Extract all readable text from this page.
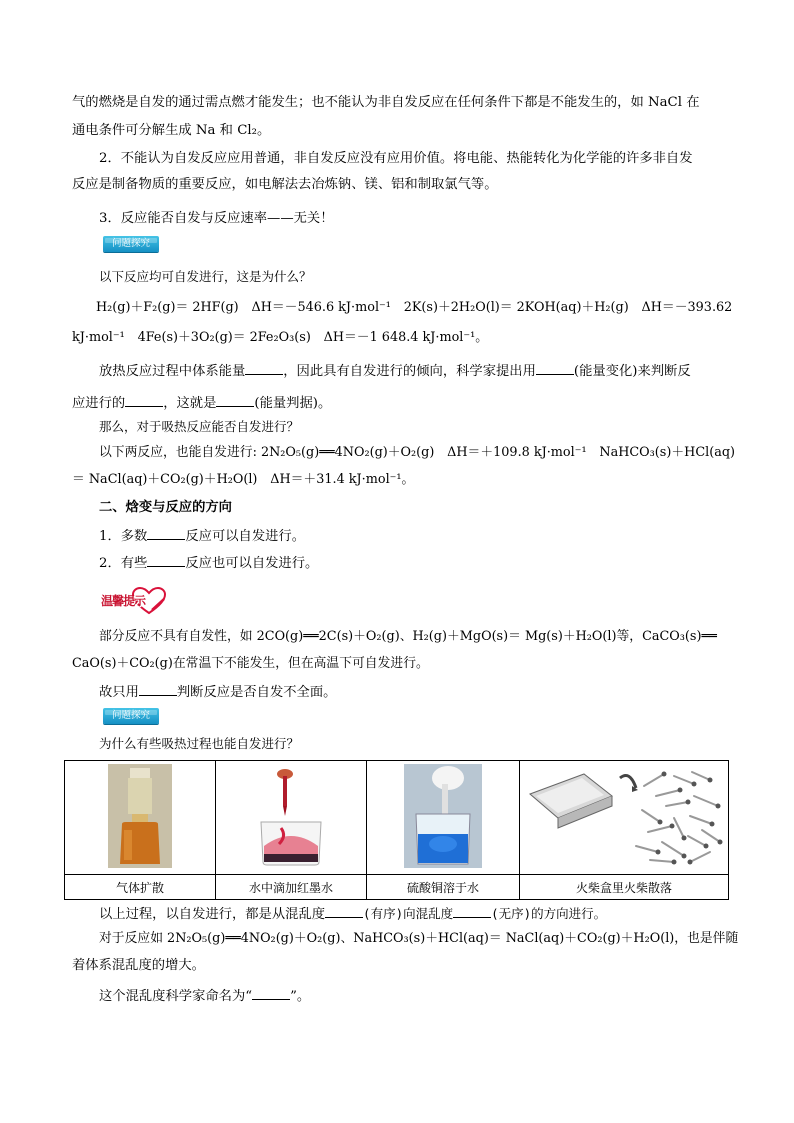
气的燃烧是自发的通过需点燃才能发生；也不能认为非自发反应在任何条件下都是不能发生的，如 NaCl 在
通电条件可分解生成 Na 和 Cl₂。
2．不能认为自发反应应用普通，非自发反应没有应用价值。将电能、热能转化为化学能的许多非自发
反应是制备物质的重要反应，如电解法去冶炼钠、镁、铝和制取氯气等。
3．反应能否自发与反应速率——无关！
问题探究
以下反应均可自发进行，这是为什么？
H₂(g)＋F₂(g)＝ 2HF(g)　ΔH＝－546.6 kJ·mol⁻¹　2K(s)＋2H₂O(l)＝ 2KOH(aq)＋H₂(g)　ΔH＝－393.62
kJ·mol⁻¹　4Fe(s)＋3O₂(g)＝ 2Fe₂O₃(s)　ΔH＝－1 648.4 kJ·mol⁻¹。
放热反应过程中体系能量	，因此具有自发进行的倾向，科学家提出用	(能量变化)来判断反
应进行的	，这就是	(能量判据)。
那么，对于吸热反应能否自发进行？
以下两反应，也能自发进行: 2N₂O₅(g)══4NO₂(g)＋O₂(g)　ΔH＝＋109.8 kJ·mol⁻¹　NaHCO₃(s)＋HCl(aq)
＝ NaCl(aq)＋CO₂(g)＋H₂O(l)　ΔH＝＋31.4 kJ·mol⁻¹。
二、焓变与反应的方向
1．多数	反应可以自发进行。
2．有些	反应也可以自发进行。
温馨提示
部分反应不具有自发性，如 2CO(g)══2C(s)＋O₂(g)、H₂(g)＋MgO(s)＝ Mg(s)＋H₂O(l)等，CaCO₃(s)══
CaO(s)＋CO₂(g)在常温下不能发生，但在高温下可自发进行。
故只用	判断反应是否自发不全面。
问题探究
为什么有些吸热过程也能自发进行？

气体扩散	水中滴加红墨水	硫酸铜溶于水	火柴盒里火柴散落
以上过程，以自发进行，都是从混乱度	(有序)向混乱度	(无序)的方向进行。
对于反应如 2N₂O₅(g)══4NO₂(g)＋O₂(g)、NaHCO₃(s)＋HCl(aq)＝ NaCl(aq)＋CO₂(g)＋H₂O(l)，也是伴随
着体系混乱度的增大。
这个混乱度科学家命名为“	”。
